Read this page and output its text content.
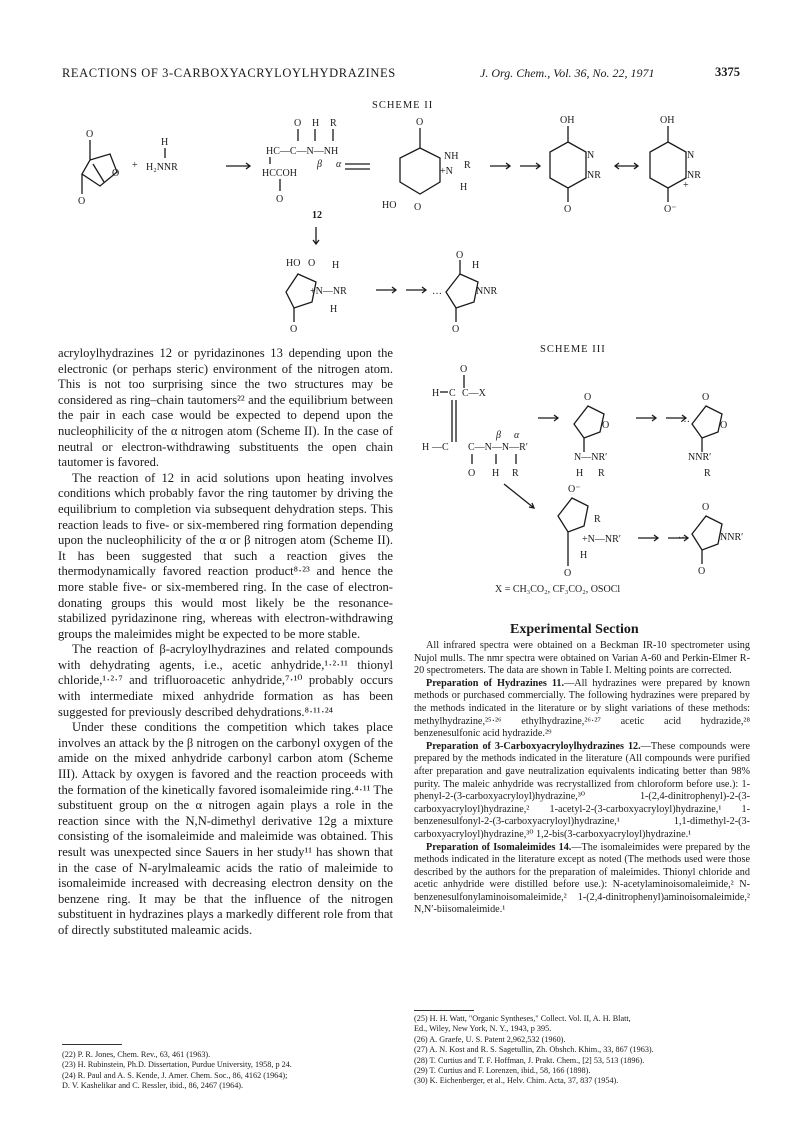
REACTIONS OF 3-CARBOXYACRYLOYLHYDRAZINES	J. Org. Chem., Vol. 36, No. 22, 1971	3375
SCHEME II
O
O
O
+
H
H₂NNR
O H R
HC—C—N—NH
β α
HCCOH
O
O
NH
+N
R
H
HO O
OH
N
NR
O
OH
N
NR
+
O⁻
12
HO O H
+N—NR
H
O
O
H
NNR
O
…
SCHEME III
O
H C C—X
H —C C—N—N—R′
β α
O H R
O
O
N—NR′
H R
O
O
NNR′
R
…
O⁻
R
+N—NR′
H
O
O
NNR′
O
…
X = CH₃CO₂, CF₃CO₂, OSOCl

acryloylhydrazines 12 or pyridazinones 13 depending upon the electronic (or perhaps steric) environment of the nitrogen atom. This is not too surprising since the two structures may be considered as ring–chain tautomers²² and the equilibrium between the pair in each case would be expected to depend upon the nucleophilicity of the α nitrogen atom (Scheme II). In the case of neutral or electron-withdrawing substituents the open chain tautomer is favored.

The reaction of 12 in acid solutions upon heating involves conditions which probably favor the ring tautomer by driving the equilibrium to completion via subsequent dehydration steps. This reaction leads to five- or six-membered ring formation depending upon the nucleophilicity of the α or β nitrogen atom (Scheme II). It has been suggested that such a reaction gives the thermodynamically favored reaction product⁸·²³ and hence the more stable five- or six-membered ring. In the case of electron-donating groups this would most likely be the resonance-stabilized pyridazinone ring, whereas with electron-withdrawing groups the maleimides might be expected to be more stable.

The reaction of β-acryloylhydrazines and related compounds with dehydrating agents, i.e., acetic anhydride,¹·²·¹¹ thionyl chloride,¹·²·⁷ and trifluoroacetic anhydride,⁷·¹⁰ probably occurs with intermediate mixed anhydride formation as has been suggested for previously described dehydrations.⁸·¹¹·²⁴

Under these conditions the competition which takes place involves an attack by the β nitrogen on the carbonyl oxygen of the amide on the mixed anhydride carbonyl carbon atom (Scheme III). Attack by oxygen is favored and the reaction proceeds with the formation of the kinetically favored isomaleimide ring.⁴·¹¹ The substituent group on the α nitrogen again plays a role in the reaction since with the N,N-dimethyl derivative 12g a mixture consisting of the isomaleimide and maleimide was obtained. This result was unexpected since Sauers in her study¹¹ has shown that in the case of N-arylmaleamic acids the ratio of maleimide to isomaleimide increased with decreasing electron density on the benzene ring. It may be that the influence of the nitrogen substituent in hydrazines plays a markedly different role from that of directly substituted maleamic acids.

Experimental Section

All infrared spectra were obtained on a Beckman IR-10 spectrometer using Nujol mulls. The nmr spectra were obtained on Varian A-60 and Perkin-Elmer R-20 spectrometers. The data are shown in Table I. Melting points are corrected.

Preparation of Hydrazines 11.—All hydrazines were prepared by known methods or purchased commercially. The following hydrazines were prepared by the methods indicated in the literature or by slight variations of these methods: methylhydrazine,²⁵·²⁶ ethylhydrazine,²⁶·²⁷ acetic acid hydrazide,²⁸ benzenesulfonic acid hydrazide.²⁹

Preparation of 3-Carboxyacryloylhydrazines 12.—These compounds were prepared by the methods indicated in the literature (All compounds were purified after preparation and gave neutralization equivalents indicating better than 98% purity. The maleic anhydride was recrystallized from chloroform before use.): 1-phenyl-2-(3-carboxyacryloyl)hydrazine,³⁰ 1-(2,4-dinitrophenyl)-2-(3-carboxyacryloyl)hydrazine,² 1-acetyl-2-(3-carboxyacryloyl)hydrazine,¹ 1-benzenesulfonyl-2-(3-carboxyacryloyl)hydrazine,¹ 1,1-dimethyl-2-(3-carboxyacryloyl)hydrazine,³⁰ 1,2-bis(3-carboxyacryloyl)hydrazine.¹

Preparation of Isomaleimides 14.—The isomaleimides were prepared by the methods indicated in the literature except as noted (The methods used were those described by the authors for the preparation of maleimides. Thionyl chloride and acetic anhydride were distilled before use.): N-acetylaminoisomaleimide,² N-benzenesulfonylaminoisomaleimide,² 1-(2,4-dinitrophenyl)aminoisomaleimide,² N,N′-biisomaleimide.¹

(22) P. R. Jones, Chem. Rev., 63, 461 (1963).
(23) H. Rubinstein, Ph.D. Dissertation, Purdue University, 1958, p 24.
(24) R. Paul and A. S. Kende, J. Amer. Chem. Soc., 86, 4162 (1964);
D. V. Kashelikar and C. Ressler, ibid., 86, 2467 (1964).
(25) H. H. Watt, "Organic Syntheses," Collect. Vol. II, A. H. Blatt,
Ed., Wiley, New York, N. Y., 1943, p 395.
(26) A. Graefe, U. S. Patent 2,962,532 (1960).
(27) A. N. Kost and R. S. Sagetullin, Zh. Obshch. Khim., 33, 867 (1963).
(28) T. Curtius and T. F. Hoffman, J. Prakt. Chem., [2] 53, 513 (1896).
(29) T. Curtius and F. Lorenzen, ibid., 58, 166 (1898).
(30) K. Eichenberger, et al., Helv. Chim. Acta, 37, 837 (1954).
